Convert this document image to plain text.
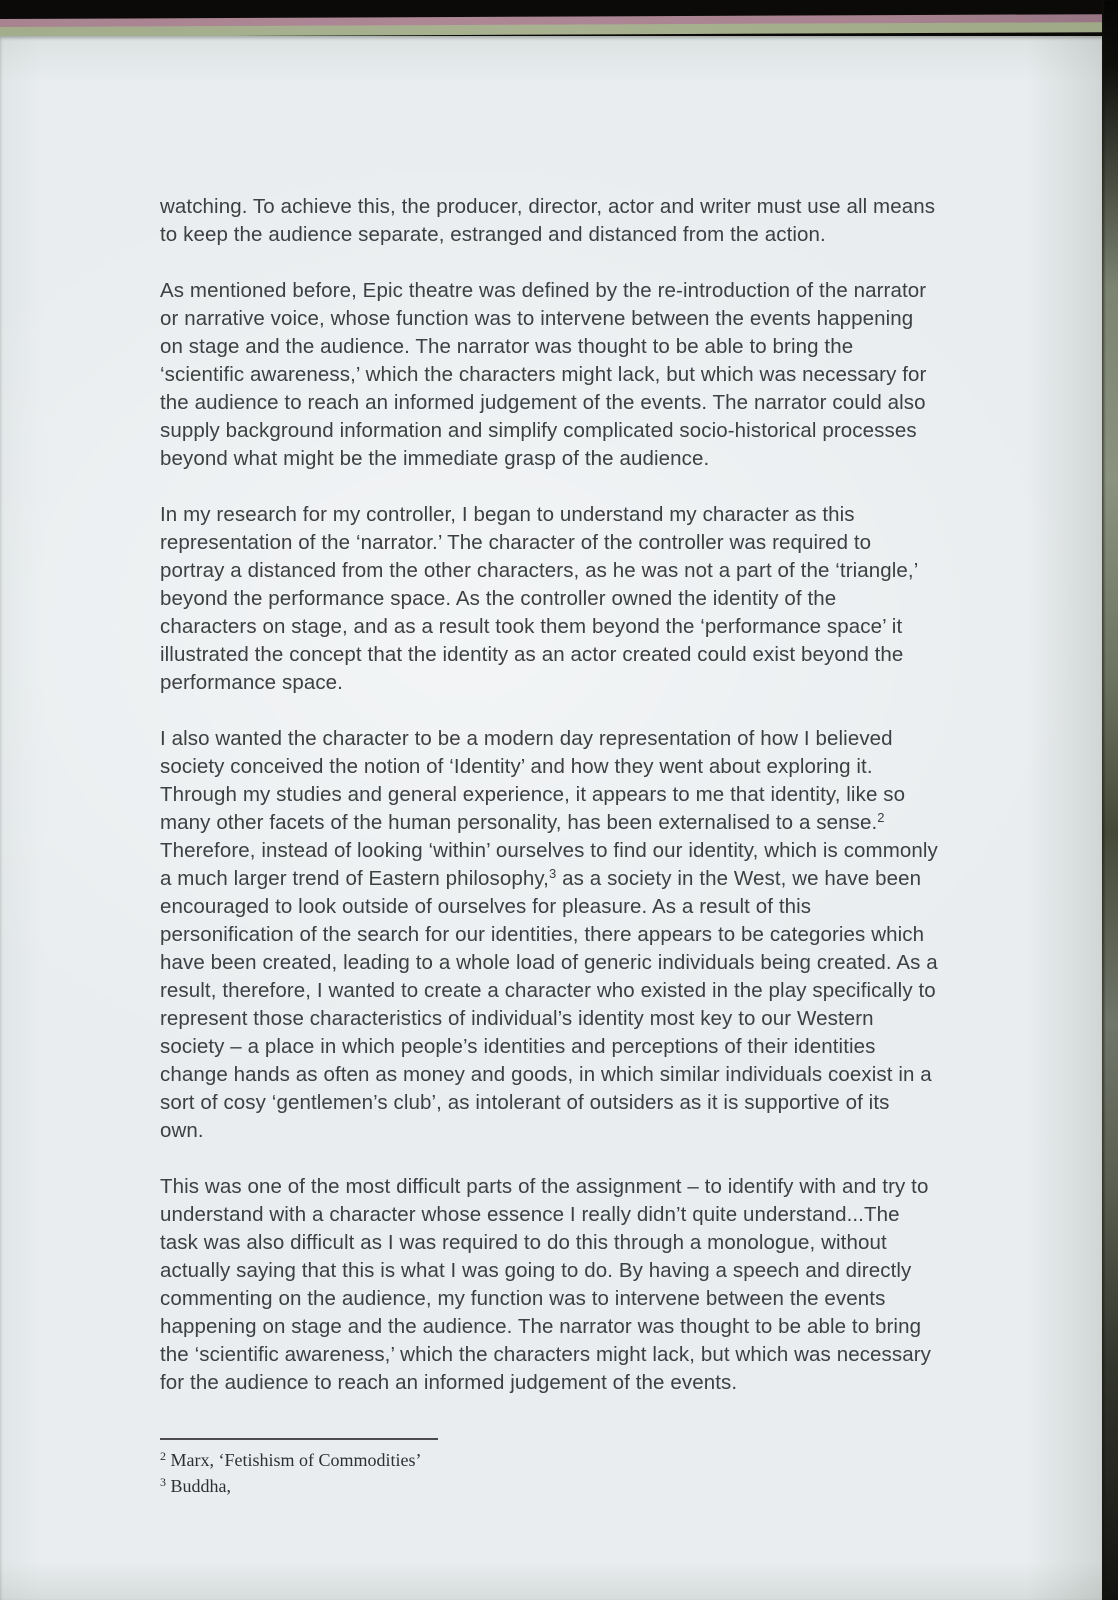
watching. To achieve this, the producer, director, actor and writer must use all means to keep the audience separate, estranged and distanced from the action.

As mentioned before, Epic theatre was defined by the re-introduction of the narrator or narrative voice, whose function was to intervene between the events happening on stage and the audience. The narrator was thought to be able to bring the ‘scientific awareness,’ which the characters might lack, but which was necessary for the audience to reach an informed judgement of the events. The narrator could also supply background information and simplify complicated socio-historical processes beyond what might be the immediate grasp of the audience.

In my research for my controller, I began to understand my character as this representation of the ‘narrator.’ The character of the controller was required to portray a distanced from the other characters, as he was not a part of the ‘triangle,’ beyond the performance space. As the controller owned the identity of the characters on stage, and as a result took them beyond the ‘performance space’ it illustrated the concept that the identity as an actor created could exist beyond the performance space.

I also wanted the character to be a modern day representation of how I believed society conceived the notion of ‘Identity’ and how they went about exploring it. Through my studies and general experience, it appears to me that identity, like so many other facets of the human personality, has been externalised to a sense.$^2$ Therefore, instead of looking ‘within’ ourselves to find our identity, which is commonly a much larger trend of Eastern philosophy,$^3$ as a society in the West, we have been encouraged to look outside of ourselves for pleasure. As a result of this personification of the search for our identities, there appears to be categories which have been created, leading to a whole load of generic individuals being created. As a result, therefore, I wanted to create a character who existed in the play specifically to represent those characteristics of individual’s identity most key to our Western society – a place in which people’s identities and perceptions of their identities change hands as often as money and goods, in which similar individuals coexist in a sort of cosy ‘gentlemen’s club’, as intolerant of outsiders as it is supportive of its own.

This was one of the most difficult parts of the assignment – to identify with and try to understand with a character whose essence I really didn’t quite understand...The task was also difficult as I was required to do this through a monologue, without actually saying that this is what I was going to do. By having a speech and directly commenting on the audience, my function was to intervene between the events happening on stage and the audience. The narrator was thought to be able to bring the ‘scientific awareness,’ which the characters might lack, but which was necessary for the audience to reach an informed judgement of the events.

$^2$ Marx, ‘Fetishism of Commodities’
$^3$ Buddha,
